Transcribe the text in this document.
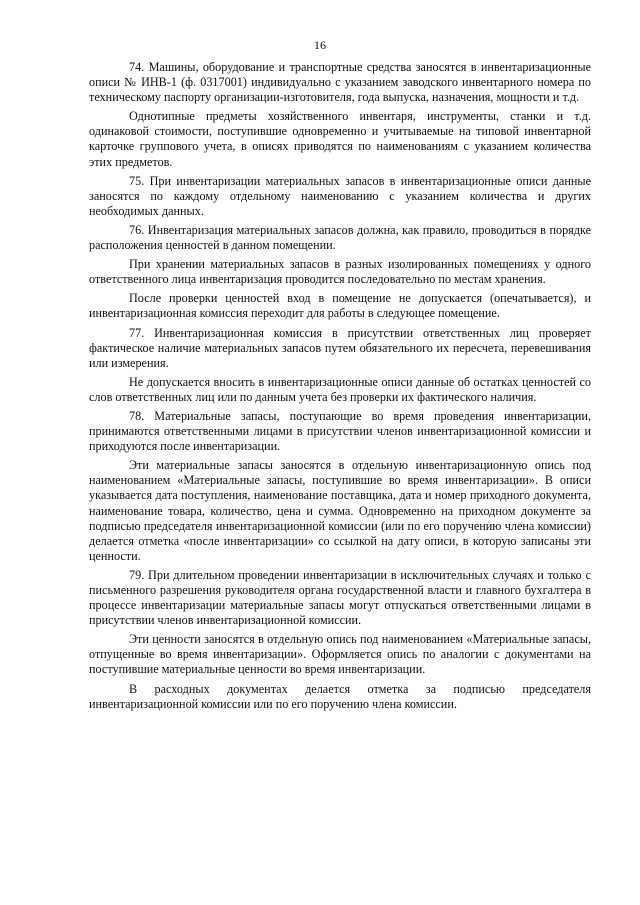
16

74. Машины, оборудование и транспортные средства заносятся в инвентаризационные описи № ИНВ-1 (ф. 0317001) индивидуально с указанием заводского инвентарного номера по техническому паспорту организации-изготовителя, года выпуска, назначения, мощности и т.д.

Однотипные предметы хозяйственного инвентаря, инструменты, станки и т.д. одинаковой стоимости, поступившие одновременно и учитываемые на типовой инвентарной карточке группового учета, в описях приводятся по наименованиям с указанием количества этих предметов.

75. При инвентаризации материальных запасов в инвентаризационные описи данные заносятся по каждому отдельному наименованию с указанием количества и других необходимых данных.

76. Инвентаризация материальных запасов должна, как правило, проводиться в порядке расположения ценностей в данном помещении.

При хранении материальных запасов в разных изолированных помещениях у одного ответственного лица инвентаризация проводится последовательно по местам хранения.

После проверки ценностей вход в помещение не допускается (опечатывается), и инвентаризационная комиссия переходит для работы в следующее помещение.

77. Инвентаризационная комиссия в присутствии ответственных лиц проверяет фактическое наличие материальных запасов путем обязательного их пересчета, перевешивания или измерения.

Не допускается вносить в инвентаризационные описи данные об остатках ценностей со слов ответственных лиц или по данным учета без проверки их фактического наличия.

78. Материальные запасы, поступающие во время проведения инвентаризации, принимаются ответственными лицами в присутствии членов инвентаризационной комиссии и приходуются после инвентаризации.

Эти материальные запасы заносятся в отдельную инвентаризационную опись под наименованием «Материальные запасы, поступившие во время инвентаризации». В описи указывается дата поступления, наименование поставщика, дата и номер приходного документа, наименование товара, количество, цена и сумма. Одновременно на приходном документе за подписью председателя инвентаризационной комиссии (или по его поручению члена комиссии) делается отметка «после инвентаризации» со ссылкой на дату описи, в которую записаны эти ценности.

79. При длительном проведении инвентаризации в исключительных случаях и только с письменного разрешения руководителя органа государственной власти и главного бухгалтера в процессе инвентаризации материальные запасы могут отпускаться ответственными лицами в присутствии членов инвентаризационной комиссии.

Эти ценности заносятся в отдельную опись под наименованием «Материальные запасы, отпущенные во время инвентаризации». Оформляется опись по аналогии с документами на поступившие материальные ценности во время инвентаризации.

В расходных документах делается отметка за подписью председателя инвентаризационной комиссии или по его поручению члена комиссии.
